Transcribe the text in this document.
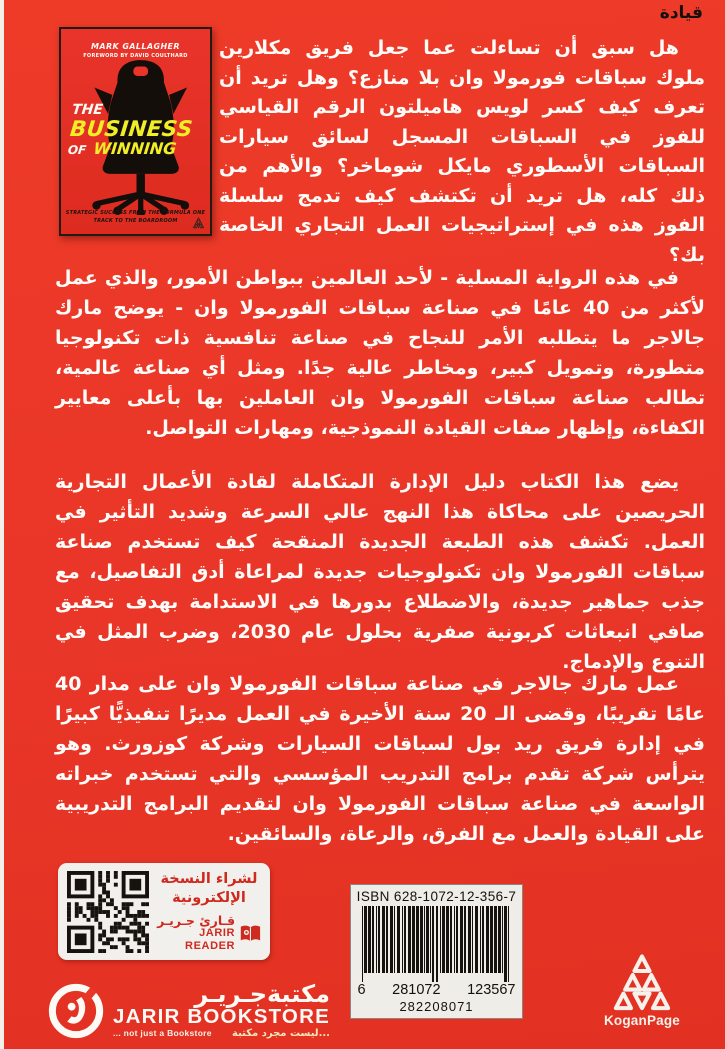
قيادة
MARK GALLAGHER
FOREWORD BY DAVID COULTHARD
THE
BUSINESS
OF WINNING
STRATEGIC SUCCESS FROM THE FORMULA ONE
TRACK TO THE BOARDROOM
هل سبق أن تساءلت عما جعل فريق مكلارين ملوك سباقات فورمولا وان بلا منازع؟ وهل تريد أن تعرف كيف كسر لويس هاميلتون الرقم القياسي للفوز في السباقات المسجل لسائق سيارات السباقات الأسطوري مايكل شوماخر؟ والأهم من ذلك كله، هل تريد أن تكتشف كيف تدمج سلسلة الفوز هذه في إستراتيجيات العمل التجاري الخاصة بك؟
في هذه الرواية المسلية - لأحد العالمين ببواطن الأمور، والذي عمل لأكثر من 40 عامًا في صناعة سباقات الفورمولا وان - يوضح مارك جالاجر ما يتطلبه الأمر للنجاح في صناعة تنافسية ذات تكنولوجيا متطورة، وتمويل كبير، ومخاطر عالية جدًا. ومثل أي صناعة عالمية، تطالب صناعة سباقات الفورمولا وان العاملين بها بأعلى معايير الكفاءة، وإظهار صفات القيادة النموذجية، ومهارات التواصل.
يضع هذا الكتاب دليل الإدارة المتكاملة لقادة الأعمال التجارية الحريصين على محاكاة هذا النهج عالي السرعة وشديد التأثير في العمل. تكشف هذه الطبعة الجديدة المنقحة كيف تستخدم صناعة سباقات الفورمولا وان تكنولوجيات جديدة لمراعاة أدق التفاصيل، مع جذب جماهير جديدة، والاضطلاع بدورها في الاستدامة بهدف تحقيق صافي انبعاثات كربونية صفرية بحلول عام 2030، وضرب المثل في التنوع والإدماج.
عمل مارك جالاجر في صناعة سباقات الفورمولا وان على مدار 40 عامًا تقريبًا، وقضى الـ 20 سنة الأخيرة في العمل مديرًا تنفيذيًّا كبيرًا في إدارة فريق ريد بول لسباقات السيارات وشركة كوزورث. وهو يترأس شركة تقدم برامج التدريب المؤسسي والتي تستخدم خبراته الواسعة في صناعة سباقات الفورمولا وان لتقديم البرامج التدريبية على القيادة والعمل مع الفرق، والرعاة، والسائقين.
لشراء النسخة
الإلكترونية
قـارئ جـريـر
JARIR READER
ISBN 628-1072-12-356-7
6 281072 123567
282208071
مكتبةجـريـر
JARIR BOOKSTORE
... not just a Bookstore ...ليست مجرد مكتبة
KoganPage
